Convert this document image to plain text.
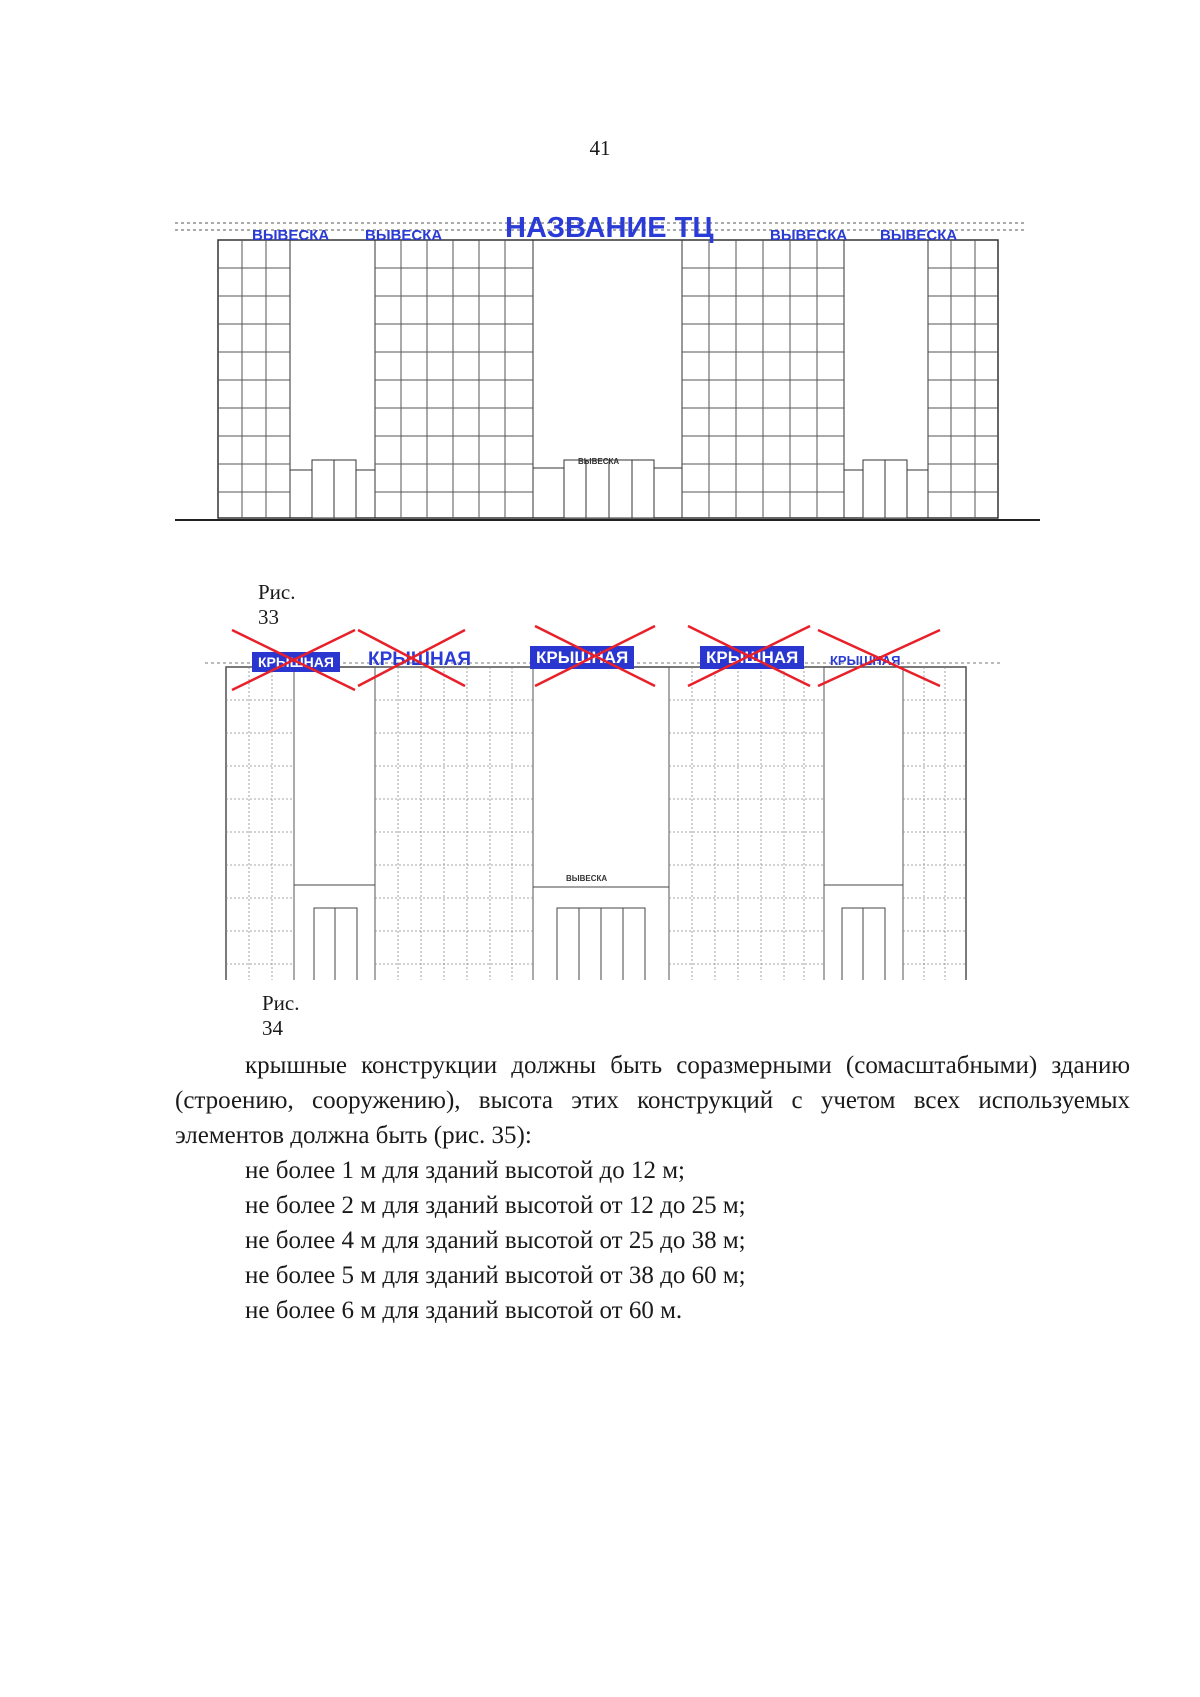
41
ВЫВЕСКА ВЫВЕСКА НАЗВАНИЕ ТЦ	ВЫВЕСКА ВЫВЕСКА
ВЫВЕСКА
Рис. 33
КРЫШНАЯ	КРЫШНАЯ	КРЫШНАЯ	КРЫШНАЯ	КРЫШНАЯ
ВЫВЕСКА
Рис. 34

крышные конструкции должны быть соразмерными (сомасштабными) зданию (строению, сооружению), высота этих конструкций с учетом всех используемых элементов должна быть (рис. 35):

не более 1 м для зданий высотой до 12 м;

не более 2 м для зданий высотой от 12 до 25 м;

не более 4 м для зданий высотой от 25 до 38 м;

не более 5 м для зданий высотой от 38 до 60 м;

не более 6 м для зданий высотой от 60 м.
